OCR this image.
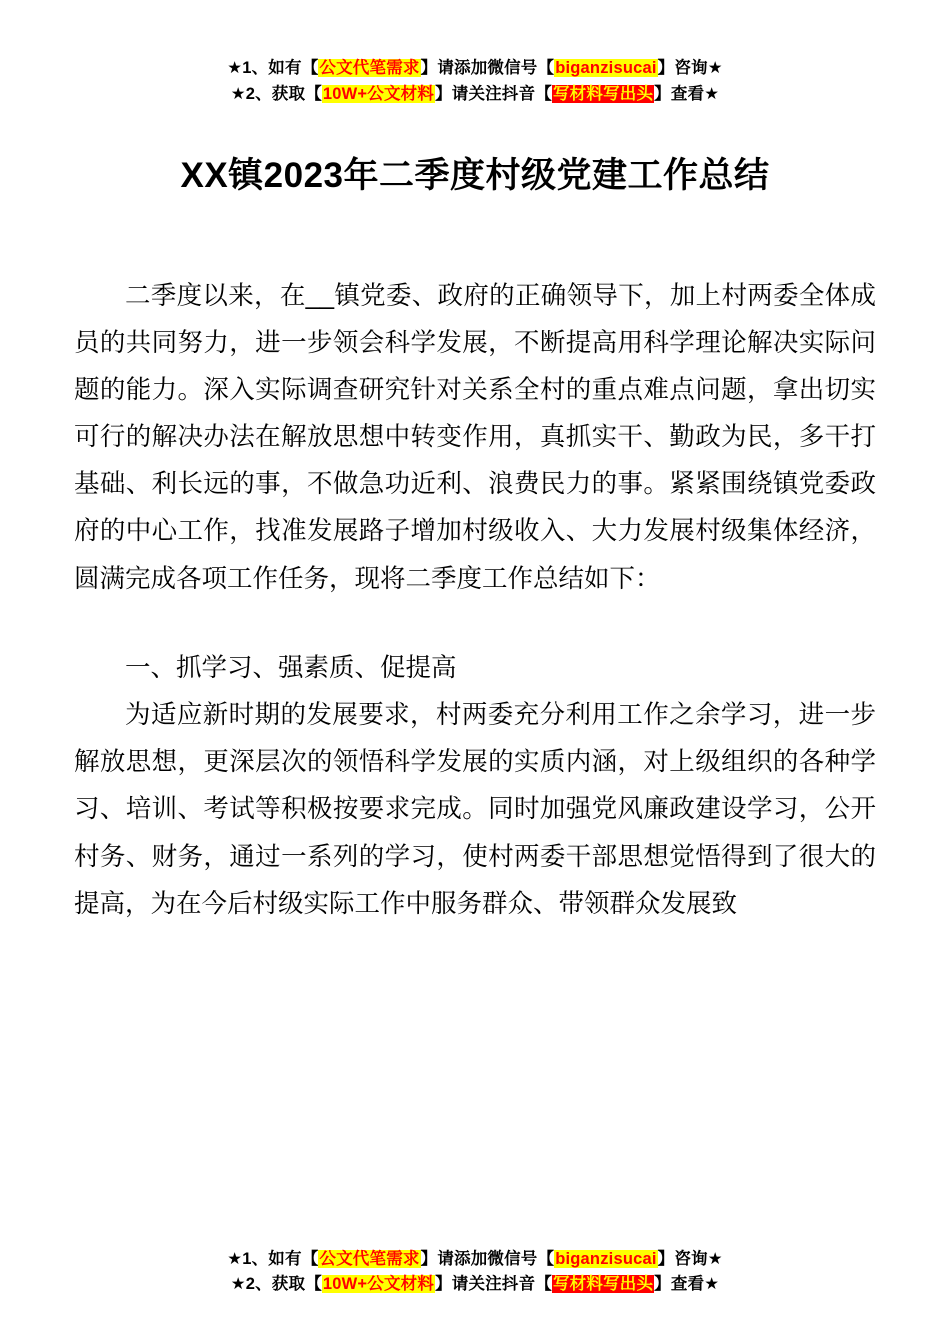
★1、如有【公文代笔需求】请添加微信号【biganzisucai】咨询★
★2、获取【10W+公文材料】请关注抖音【写材料写出头】查看★
XX镇2023年二季度村级党建工作总结

二季度以来，在__镇党委、政府的正确领导下，加上村两委全体成员的共同努力，进一步领会科学发展，不断提高用科学理论解决实际问题的能力。深入实际调查研究针对关系全村的重点难点问题，拿出切实可行的解决办法在解放思想中转变作用，真抓实干、勤政为民，多干打基础、利长远的事，不做急功近利、浪费民力的事。紧紧围绕镇党委政府的中心工作，找准发展路子增加村级收入、大力发展村级集体经济，圆满完成各项工作任务，现将二季度工作总结如下：

一、抓学习、强素质、促提高

为适应新时期的发展要求，村两委充分利用工作之余学习，进一步解放思想，更深层次的领悟科学发展的实质内涵，对上级组织的各种学习、培训、考试等积极按要求完成。同时加强党风廉政建设学习，公开村务、财务，通过一系列的学习，使村两委干部思想觉悟得到了很大的提高，为在今后村级实际工作中服务群众、带领群众发展致

★1、如有【公文代笔需求】请添加微信号【biganzisucai】咨询★
★2、获取【10W+公文材料】请关注抖音【写材料写出头】查看★
